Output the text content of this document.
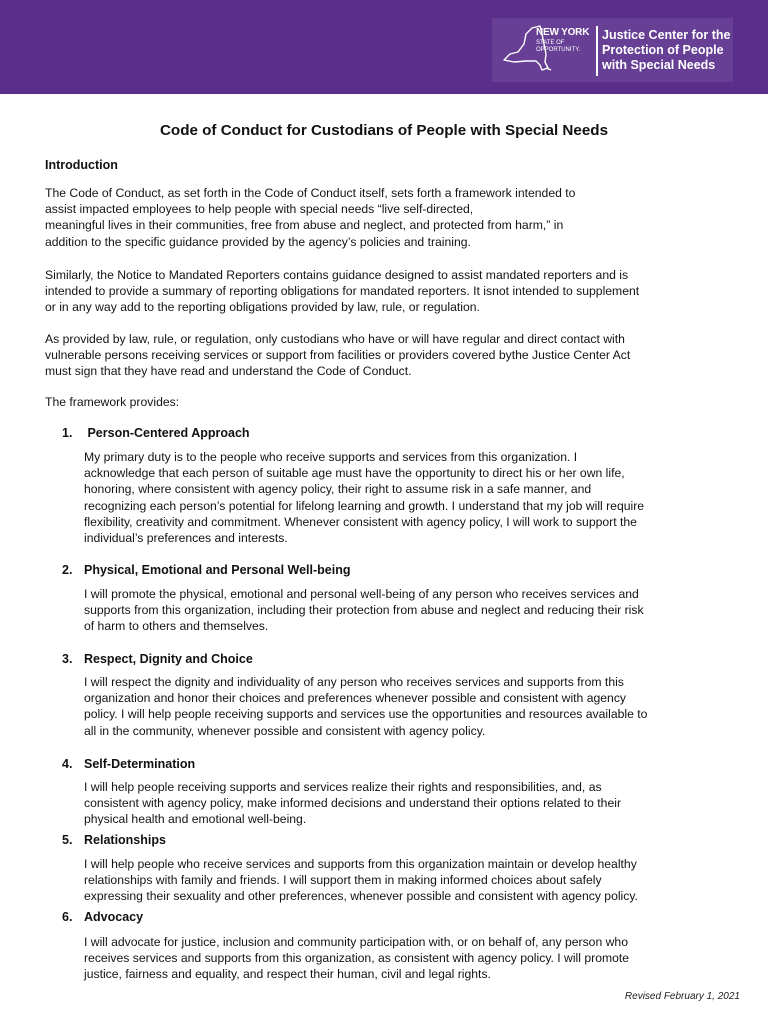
NEW YORK
STATE OF
OPPORTUNITY.
Justice Center for the
Protection of People
with Special Needs
Code of Conduct for Custodians of People with Special Needs
Introduction
The Code of Conduct, as set forth in the Code of Conduct itself, sets forth a framework intended to
assist impacted employees to help people with special needs “live self-directed,
meaningful lives in their communities, free from abuse and neglect, and protected from harm,” in
addition to the specific guidance provided by the agency’s policies and training.
Similarly, the Notice to Mandated Reporters contains guidance designed to assist mandated reporters and is
intended to provide a summary of reporting obligations for mandated reporters. It isnot intended to supplement
or in any way add to the reporting obligations provided by law, rule, or regulation.
As provided by law, rule, or regulation, only custodians who have or will have regular and direct contact with
vulnerable persons receiving services or support from facilities or providers covered bythe Justice Center Act
must sign that they have read and understand the Code of Conduct.
The framework provides:
1. Person-Centered Approach
My primary duty is to the people who receive supports and services from this organization. I
acknowledge that each person of suitable age must have the opportunity to direct his or her own life,
honoring, where consistent with agency policy, their right to assume risk in a safe manner, and
recognizing each person’s potential for lifelong learning and growth. I understand that my job will require
flexibility, creativity and commitment. Whenever consistent with agency policy, I will work to support the
individual’s preferences and interests.
2. Physical, Emotional and Personal Well-being
I will promote the physical, emotional and personal well-being of any person who receives services and
supports from this organization, including their protection from abuse and neglect and reducing their risk
of harm to others and themselves.
3. Respect, Dignity and Choice
I will respect the dignity and individuality of any person who receives services and supports from this
organization and honor their choices and preferences whenever possible and consistent with agency
policy. I will help people receiving supports and services use the opportunities and resources available to
all in the community, whenever possible and consistent with agency policy.
4. Self-Determination
I will help people receiving supports and services realize their rights and responsibilities, and, as
consistent with agency policy, make informed decisions and understand their options related to their
physical health and emotional well-being.
5. Relationships
I will help people who receive services and supports from this organization maintain or develop healthy
relationships with family and friends. I will support them in making informed choices about safely
expressing their sexuality and other preferences, whenever possible and consistent with agency policy.
6. Advocacy
I will advocate for justice, inclusion and community participation with, or on behalf of, any person who
receives services and supports from this organization, as consistent with agency policy. I will promote
justice, fairness and equality, and respect their human, civil and legal rights.
Revised February 1, 2021
